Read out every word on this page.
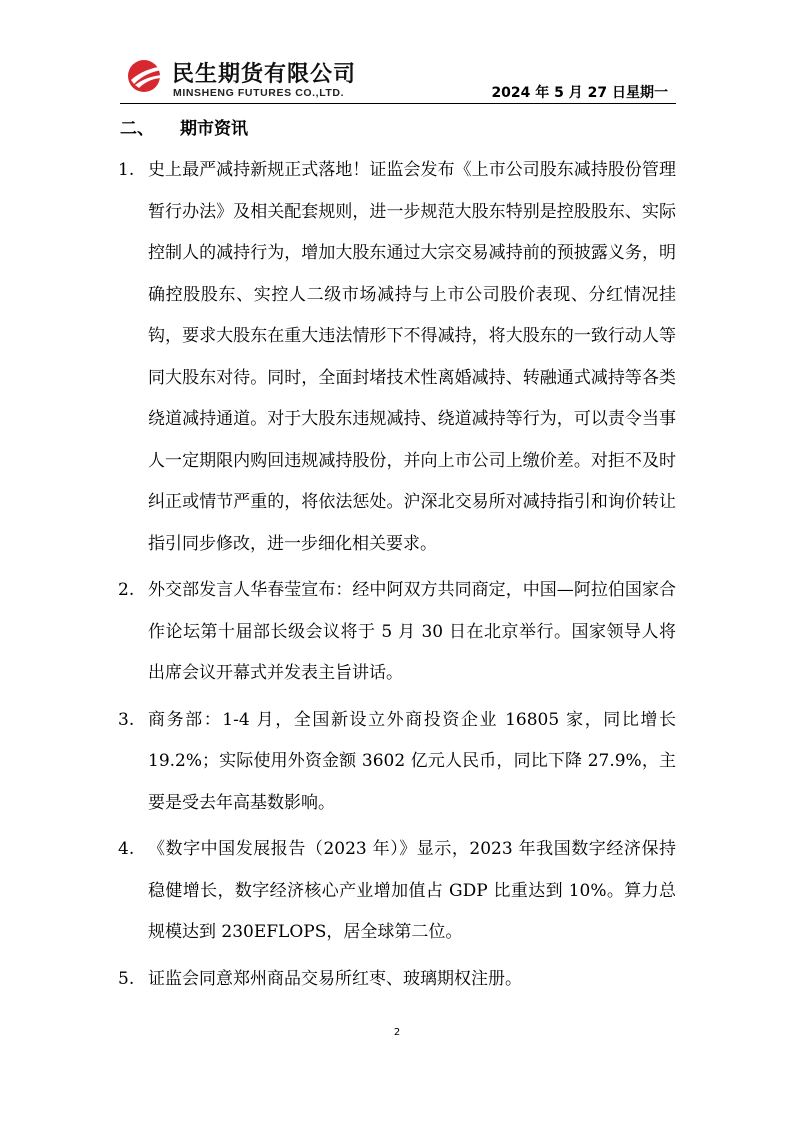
民生期货有限公司
MINSHENG FUTURES CO.,LTD.	2024 年 5 月 27 日星期一
二、 期市资讯
1. 史上最严减持新规正式落地！证监会发布《上市公司股东减持股份管理暂行办法》及相关配套规则，进一步规范大股东特别是控股股东、实际控制人的减持行为，增加大股东通过大宗交易减持前的预披露义务，明确控股股东、实控人二级市场减持与上市公司股价表现、分红情况挂钩，要求大股东在重大违法情形下不得减持，将大股东的一致行动人等同大股东对待。同时，全面封堵技术性离婚减持、转融通式减持等各类绕道减持通道。对于大股东违规减持、绕道减持等行为，可以责令当事人一定期限内购回违规减持股份，并向上市公司上缴价差。对拒不及时纠正或情节严重的，将依法惩处。沪深北交易所对减持指引和询价转让指引同步修改，进一步细化相关要求。
2. 外交部发言人华春莹宣布：经中阿双方共同商定，中国—阿拉伯国家合作论坛第十届部长级会议将于 5 月 30 日在北京举行。国家领导人将出席会议开幕式并发表主旨讲话。
3. 商务部：1-4 月，全国新设立外商投资企业 16805 家，同比增长 19.2%；实际使用外资金额 3602 亿元人民币，同比下降 27.9%，主要是受去年高基数影响。
4. 《数字中国发展报告（2023 年）》显示，2023 年我国数字经济保持稳健增长，数字经济核心产业增加值占 GDP 比重达到 10%。算力总规模达到 230EFLOPS，居全球第二位。
5. 证监会同意郑州商品交易所红枣、玻璃期权注册。
2
